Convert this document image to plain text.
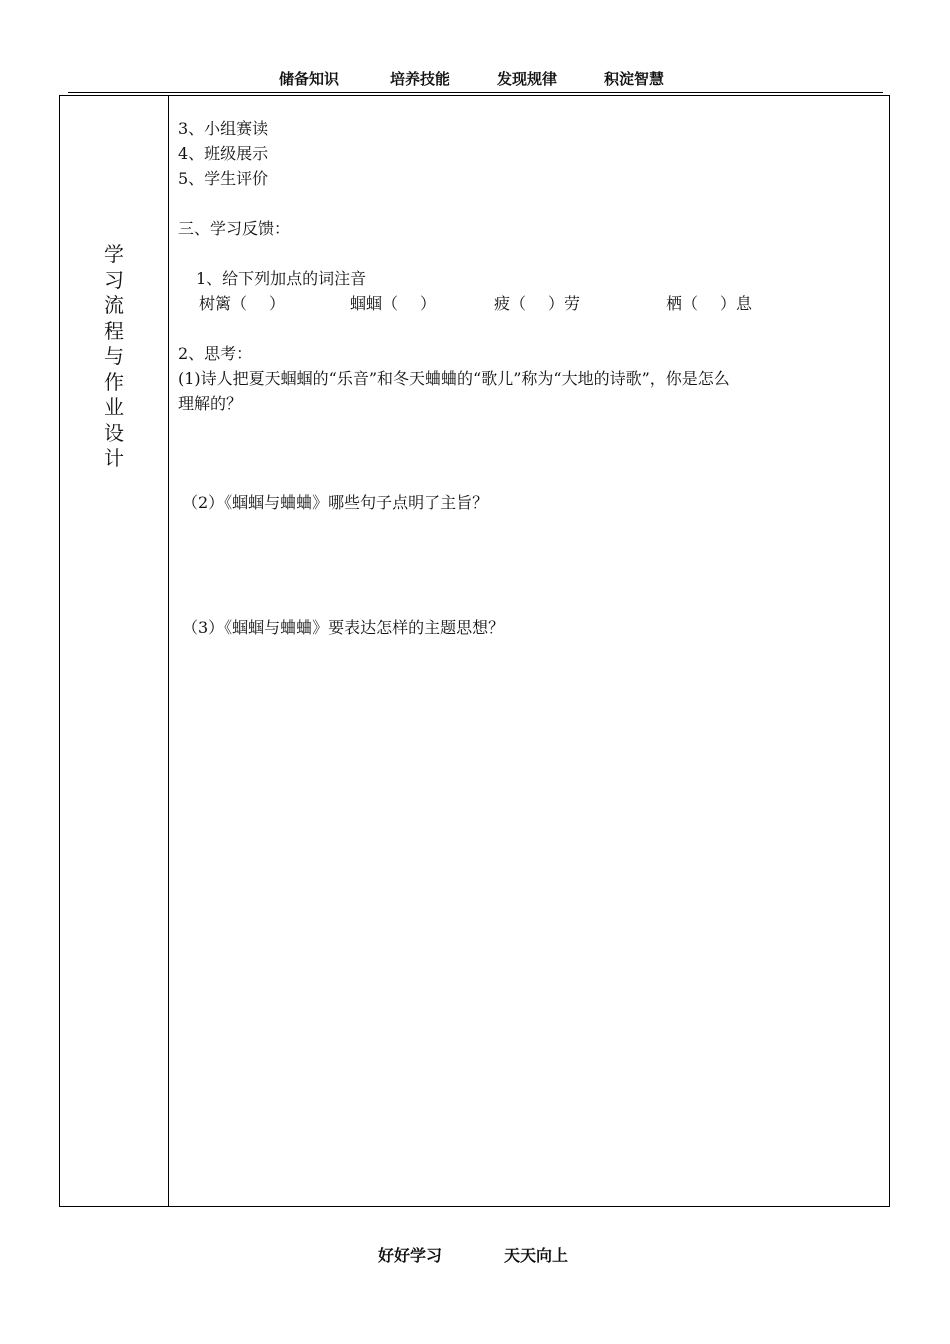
储备知识	培养技能	发现规律	积淀智慧
学
习
流
程
与
作
业
设
计
3、小组赛读
4、班级展示
5、学生评价
三、学习反馈：
1、给下列加点的词注音
树篱（ ）	蝈蝈（ ）	疲（ ）劳	栖（ ）息
2、思考：
(1)诗人把夏天蝈蝈的“乐音”和冬天蛐蛐的“歌儿”称为“大地的诗歌”，你是怎么
理解的？
（2）《蝈蝈与蛐蛐》哪些句子点明了主旨？
（3）《蝈蝈与蛐蛐》要表达怎样的主题思想？
好好学习	天天向上
